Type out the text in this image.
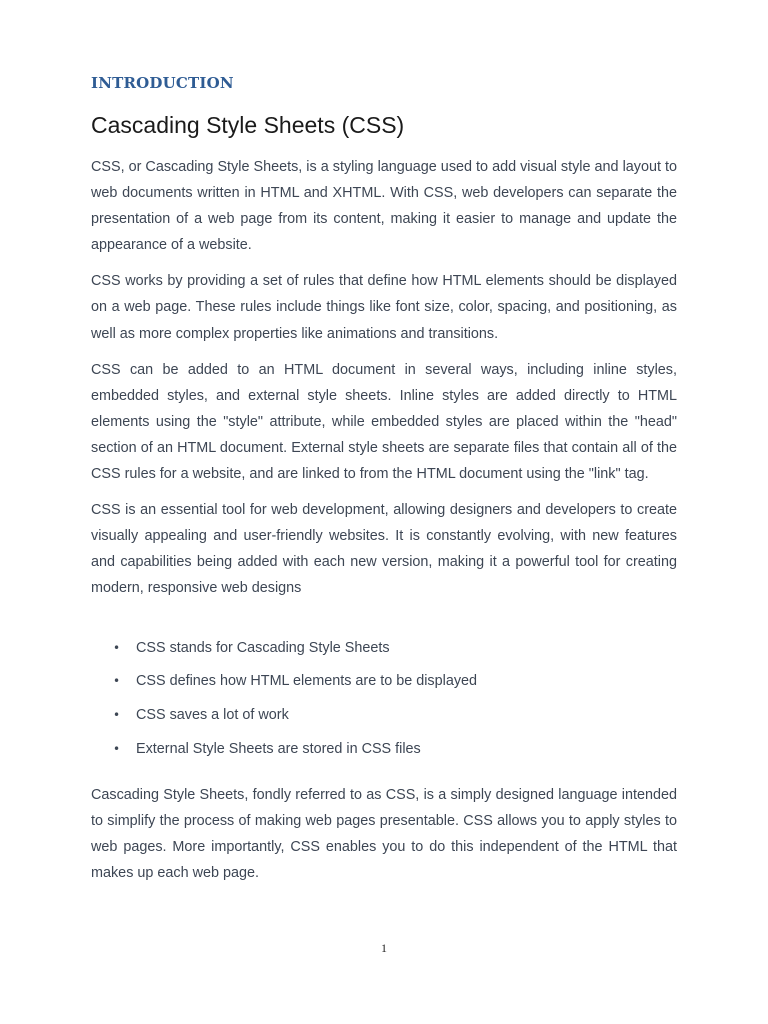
INTRODUCTION
Cascading Style Sheets (CSS)

CSS, or Cascading Style Sheets, is a styling language used to add visual style and layout to web documents written in HTML and XHTML. With CSS, web developers can separate the presentation of a web page from its content, making it easier to manage and update the appearance of a website.

CSS works by providing a set of rules that define how HTML elements should be displayed on a web page. These rules include things like font size, color, spacing, and positioning, as well as more complex properties like animations and transitions.

CSS can be added to an HTML document in several ways, including inline styles, embedded styles, and external style sheets. Inline styles are added directly to HTML elements using the "style" attribute, while embedded styles are placed within the "head" section of an HTML document. External style sheets are separate files that contain all of the CSS rules for a website, and are linked to from the HTML document using the "link" tag.

CSS is an essential tool for web development, allowing designers and developers to create visually appealing and user-friendly websites. It is constantly evolving, with new features and capabilities being added with each new version, making it a powerful tool for creating modern, responsive web designs

• CSS stands for Cascading Style Sheets
• CSS defines how HTML elements are to be displayed
• CSS saves a lot of work
• External Style Sheets are stored in CSS files

Cascading Style Sheets, fondly referred to as CSS, is a simply designed language intended to simplify the process of making web pages presentable. CSS allows you to apply styles to web pages. More importantly, CSS enables you to do this independent of the HTML that makes up each web page.

1
